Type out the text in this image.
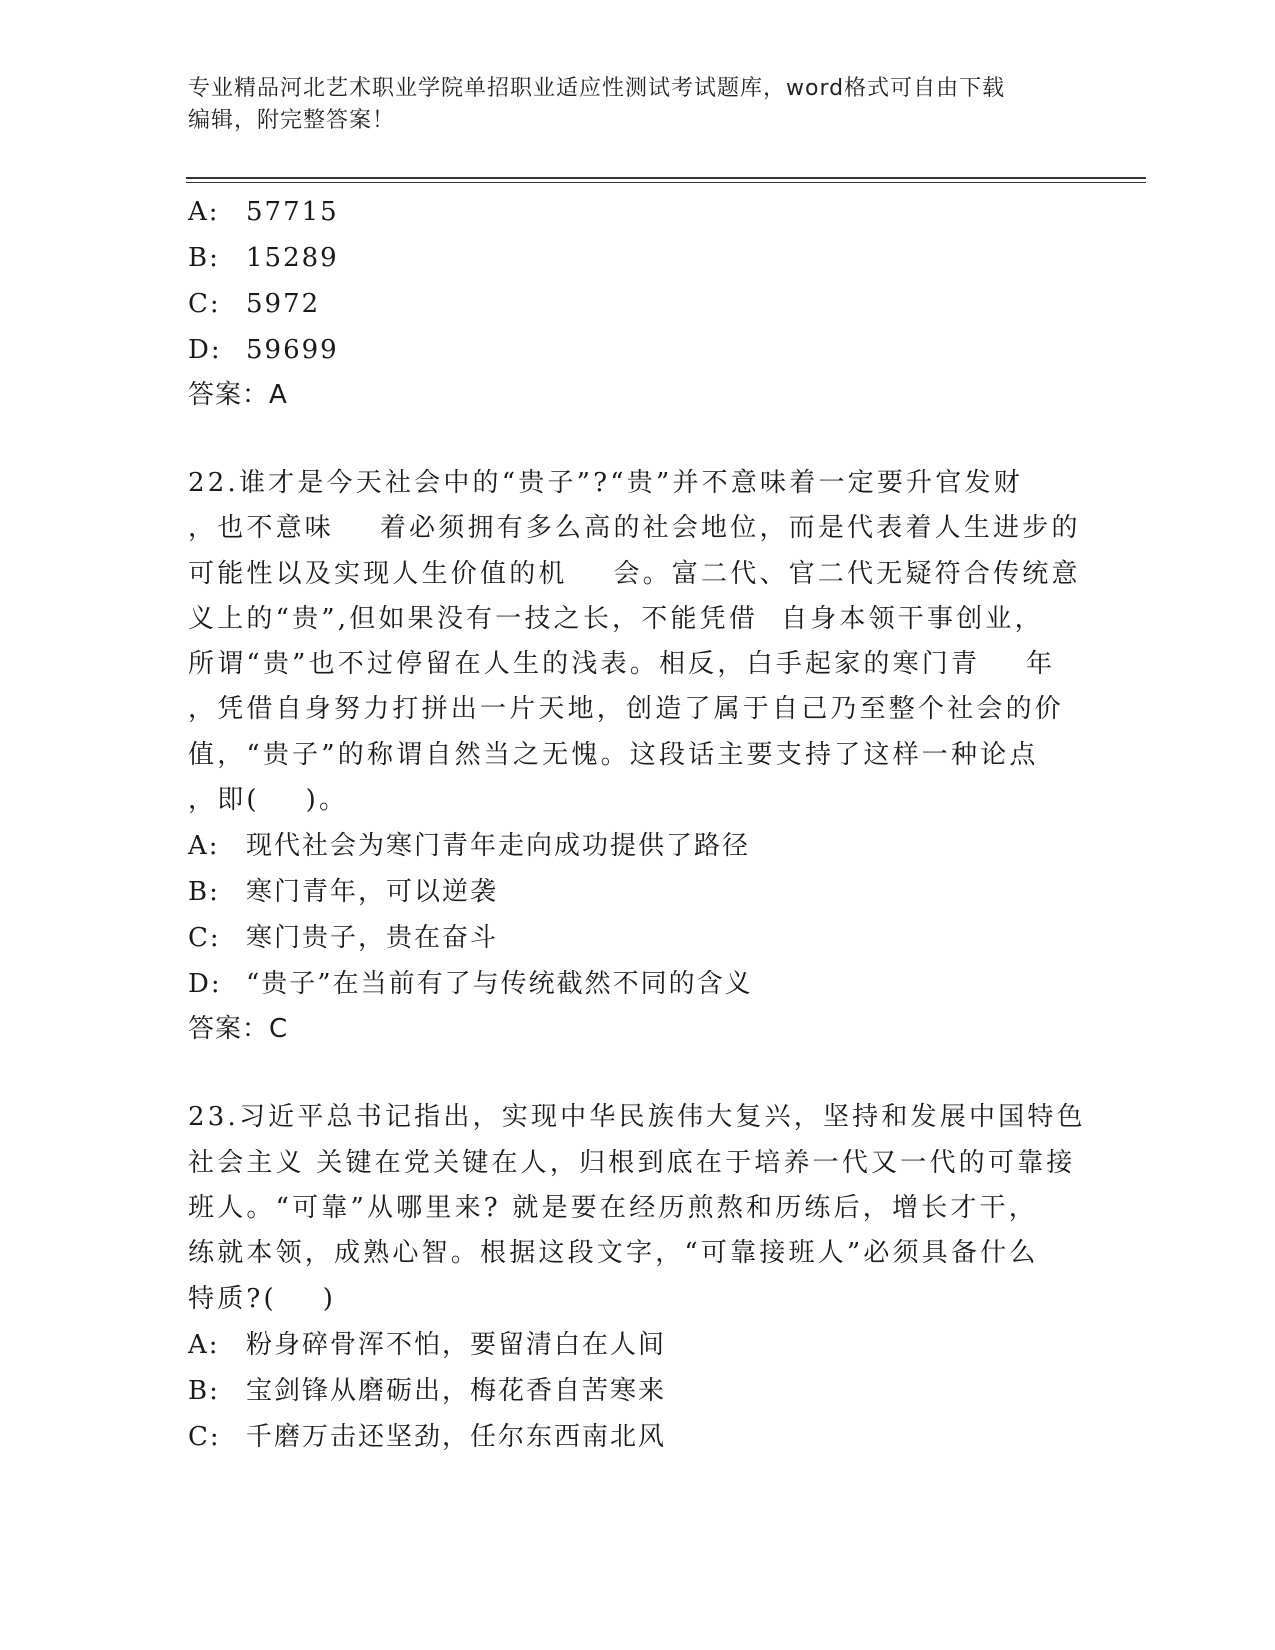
专业精品河北艺术职业学院单招职业适应性测试考试题库，word格式可自由下载
编辑，附完整答案！
A: 57715
B: 15289
C: 5972
D: 59699
答案：A
22.谁才是今天社会中的“贵子”?“贵”并不意味着一定要升官发财
，也不意味    着必须拥有多么高的社会地位，而是代表着人生进步的
可能性以及实现人生价值的机    会。富二代、官二代无疑符合传统意
义上的“贵”,但如果没有一技之长，不能凭借  自身本领干事创业，
所谓“贵”也不过停留在人生的浅表。相反，白手起家的寒门青    年
，凭借自身努力打拼出一片天地，创造了属于自己乃至整个社会的价
值，“贵子”的称谓自然当之无愧。这段话主要支持了这样一种论点
，即(    )。
A: 现代社会为寒门青年走向成功提供了路径
B: 寒门青年，可以逆袭
C: 寒门贵子，贵在奋斗
D: “贵子”在当前有了与传统截然不同的含义
答案：C
23.习近平总书记指出，实现中华民族伟大复兴，坚持和发展中国特色
社会主义 关键在党关键在人，归根到底在于培养一代又一代的可靠接
班人。“可靠”从哪里来? 就是要在经历煎熬和历练后，增长才干，
练就本领，成熟心智。根据这段文字，“可靠接班人”必须具备什么
特质?(    )
A: 粉身碎骨浑不怕，要留清白在人间
B: 宝剑锋从磨砺出，梅花香自苦寒来
C: 千磨万击还坚劲，任尔东西南北风
